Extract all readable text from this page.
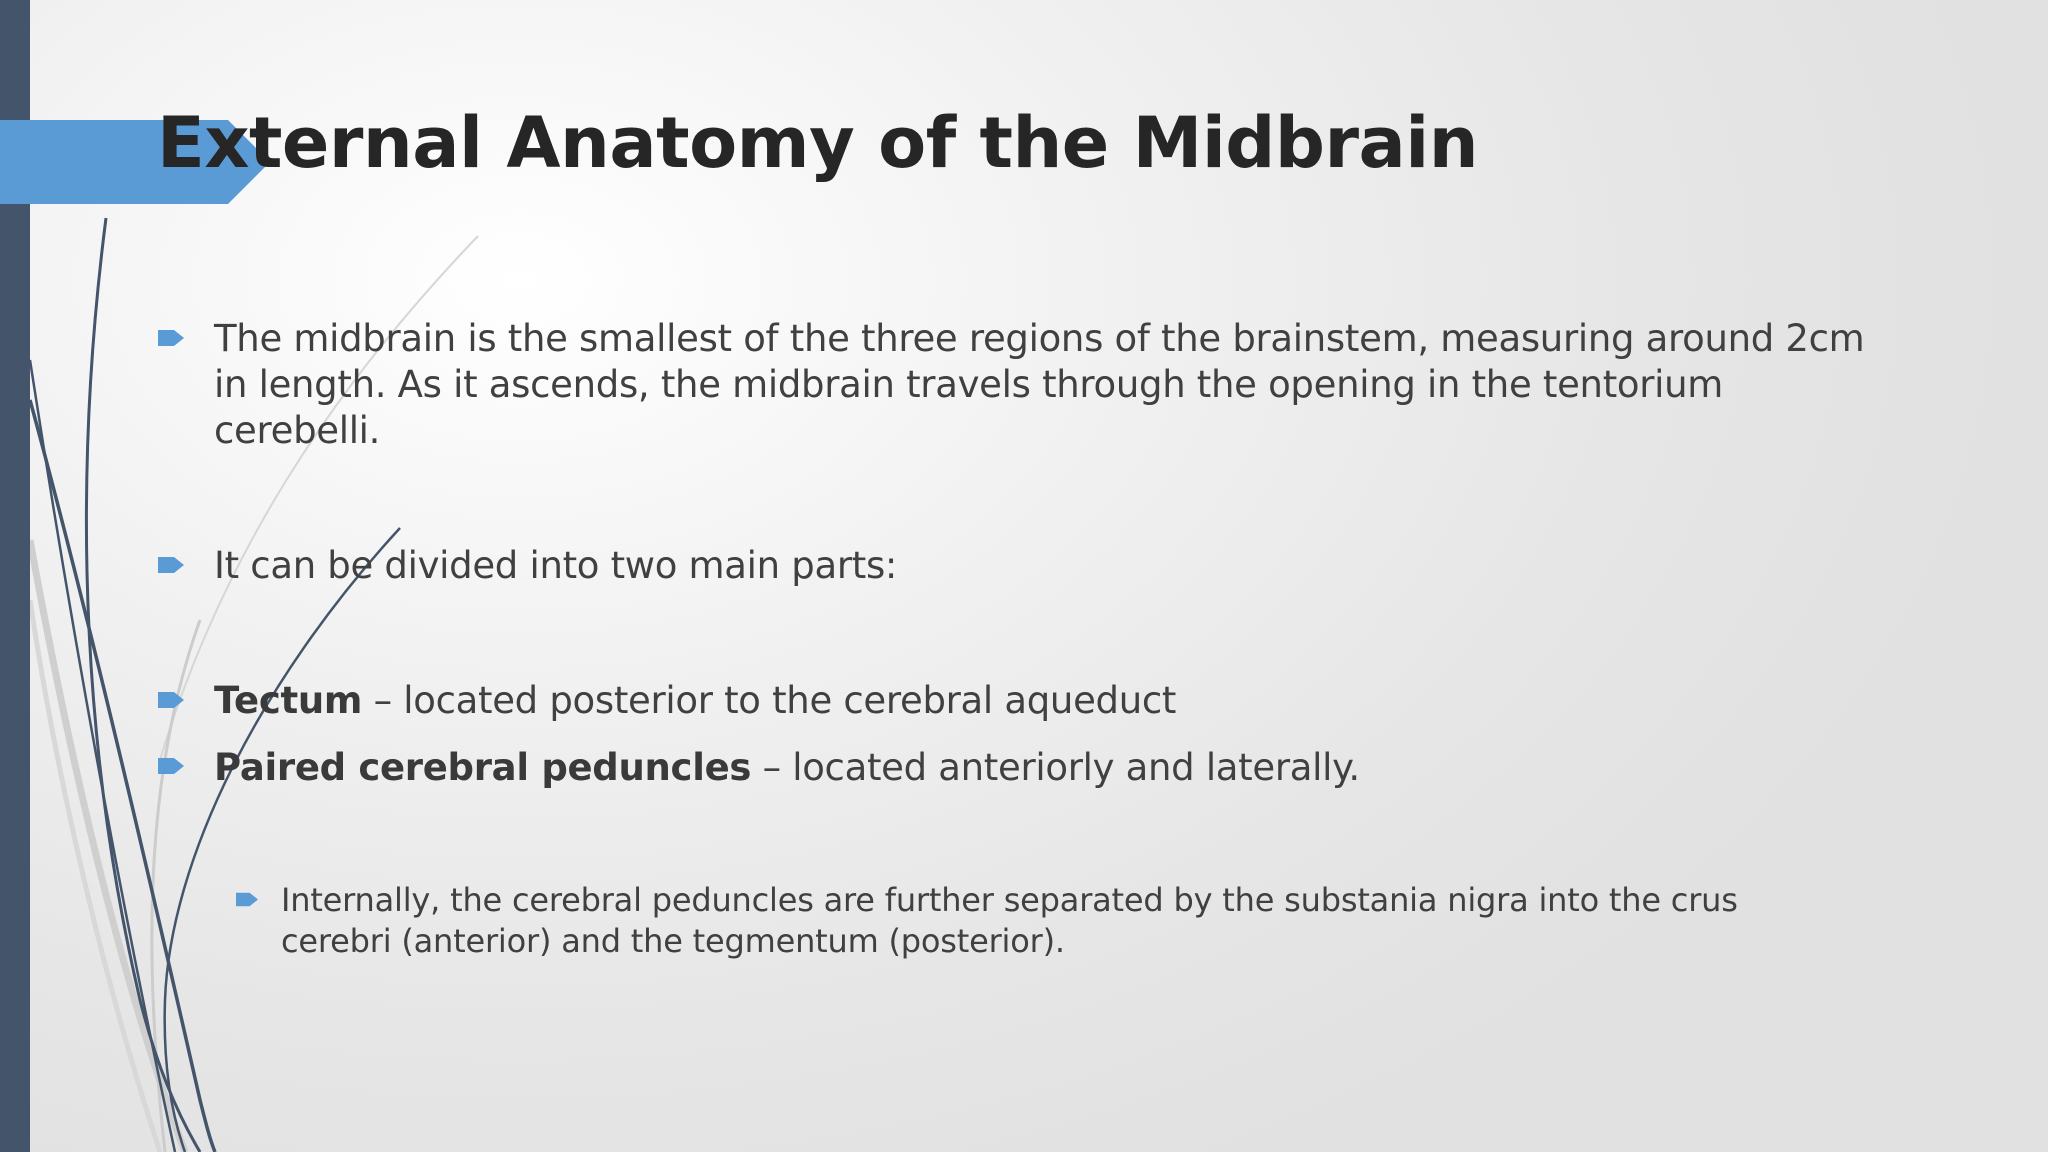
External Anatomy of the Midbrain
The midbrain is the smallest of the three regions of the brainstem, measuring around 2cm
in length. As it ascends, the midbrain travels through the opening in the tentorium
cerebelli.
It can be divided into two main parts:
Tectum – located posterior to the cerebral aqueduct
Paired cerebral peduncles – located anteriorly and laterally.
Internally, the cerebral peduncles are further separated by the substania nigra into the crus
cerebri (anterior) and the tegmentum (posterior).
